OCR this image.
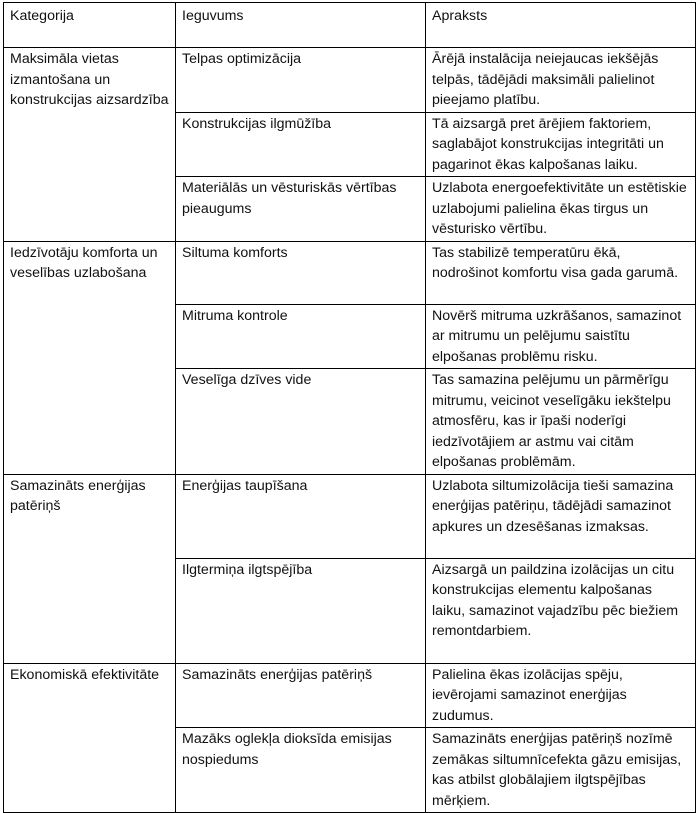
Kategorija	Ieguvums	Apraksts
Maksimāla vietas izmantošana un konstrukcijas aizsardzība	Telpas optimizācija	Ārējā instalācija neiejaucas iekšējās telpās, tādējādi maksimāli palielinot pieejamo platību.
	Konstrukcijas ilgmūžība	Tā aizsargā pret ārējiem faktoriem, saglabājot konstrukcijas integritāti un pagarinot ēkas kalpošanas laiku.
	Materiālās un vēsturiskās vērtības pieaugums	Uzlabota energoefektivitāte un estētiskie uzlabojumi palielina ēkas tirgus un vēsturisko vērtību.
Iedzīvotāju komforta un veselības uzlabošana	Siltuma komforts	Tas stabilizē temperatūru ēkā, nodrošinot komfortu visa gada garumā.
	Mitruma kontrole	Novērš mitruma uzkrāšanos, samazinot ar mitrumu un pelējumu saistītu elpošanas problēmu risku.
	Veselīga dzīves vide	Tas samazina pelējumu un pārmērīgu mitrumu, veicinot veselīgāku iekštelpu atmosfēru, kas ir īpaši noderīgi iedzīvotājiem ar astmu vai citām elpošanas problēmām.
Samazināts enerģijas patēriņš	Enerģijas taupīšana	Uzlabota siltumizolācija tieši samazina enerģijas patēriņu, tādējādi samazinot apkures un dzesēšanas izmaksas.
	Ilgtermiņa ilgtspējība	Aizsargā un paildzina izolācijas un citu konstrukcijas elementu kalpošanas laiku, samazinot vajadzību pēc biežiem remontdarbiem.
Ekonomiskā efektivitāte	Samazināts enerģijas patēriņš	Palielina ēkas izolācijas spēju, ievērojami samazinot enerģijas zudumus.
	Mazāks oglekļa dioksīda emisijas nospiedums	Samazināts enerģijas patēriņš nozīmē zemākas siltumnīcefekta gāzu emisijas, kas atbilst globālajiem ilgtspējības mērķiem.
